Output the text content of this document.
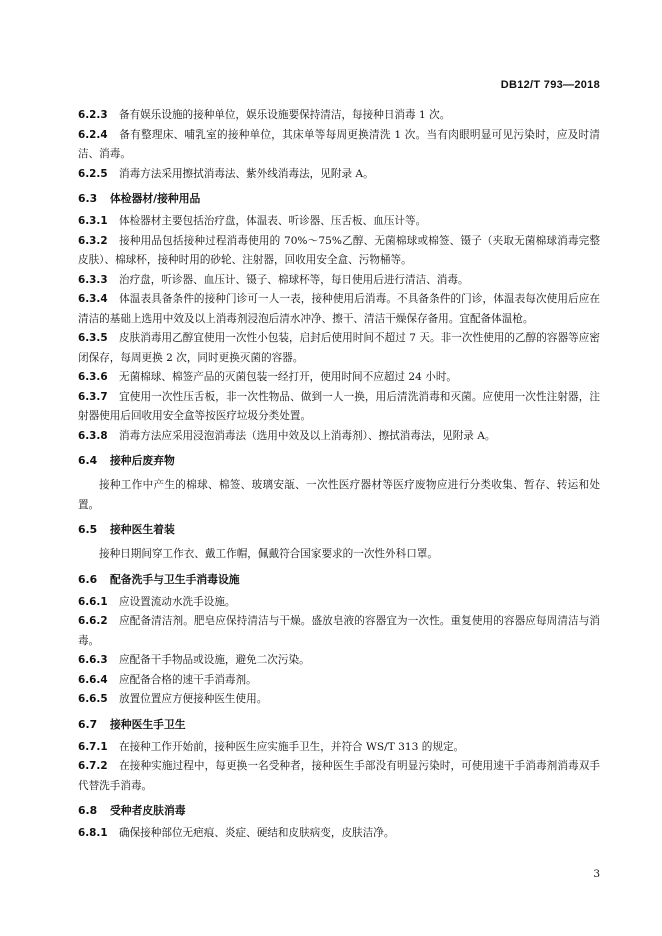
DB12/T 793—2018

6.2.3 备有娱乐设施的接种单位，娱乐设施要保持清洁，每接种日消毒 1 次。

6.2.4 备有整理床、哺乳室的接种单位，其床单等每周更换清洗 1 次。当有肉眼明显可见污染时，应及时清洁、消毒。

6.2.5 消毒方法采用擦拭消毒法、紫外线消毒法，见附录 A。

6.3 体检器材/接种用品

6.3.1 体检器材主要包括治疗盘，体温表、听诊器、压舌板、血压计等。

6.3.2 接种用品包括接种过程消毒使用的 70%～75%乙醇、无菌棉球或棉签、镊子（夹取无菌棉球消毒完整皮肤）、棉球杯，接种时用的砂轮、注射器，回收用安全盒、污物桶等。

6.3.3 治疗盘，听诊器、血压计、镊子、棉球杯等，每日使用后进行清洁、消毒。

6.3.4 体温表具备条件的接种门诊可一人一表，接种使用后消毒。不具备条件的门诊，体温表每次使用后应在清洁的基础上选用中效及以上消毒剂浸泡后清水冲净、擦干、清洁干燥保存备用。宜配备体温枪。

6.3.5 皮肤消毒用乙醇宜使用一次性小包装，启封后使用时间不超过 7 天。非一次性使用的乙醇的容器等应密闭保存，每周更换 2 次，同时更换灭菌的容器。

6.3.6 无菌棉球、棉签产品的灭菌包装一经打开，使用时间不应超过 24 小时。

6.3.7 宜使用一次性压舌板，非一次性物品、做到一人一换，用后清洗消毒和灭菌。应使用一次性注射器，注射器使用后回收用安全盒等按医疗垃圾分类处置。

6.3.8 消毒方法应采用浸泡消毒法（选用中效及以上消毒剂）、擦拭消毒法，见附录 A。

6.4 接种后废弃物

接种工作中产生的棉球、棉签、玻璃安瓿、一次性医疗器材等医疗废物应进行分类收集、暂存、转运和处置。

6.5 接种医生着装

接种日期间穿工作衣、戴工作帽，佩戴符合国家要求的一次性外科口罩。

6.6 配备洗手与卫生手消毒设施

6.6.1 应设置流动水洗手设施。

6.6.2 应配备清洁剂。肥皂应保持清洁与干燥。盛放皂液的容器宜为一次性。重复使用的容器应每周清洁与消毒。

6.6.3 应配备干手物品或设施，避免二次污染。

6.6.4 应配备合格的速干手消毒剂。

6.6.5 放置位置应方便接种医生使用。

6.7 接种医生手卫生

6.7.1 在接种工作开始前，接种医生应实施手卫生，并符合 WS/T 313 的规定。

6.7.2 在接种实施过程中，每更换一名受种者，接种医生手部没有明显污染时，可使用速干手消毒剂消毒双手代替洗手消毒。

6.8 受种者皮肤消毒

6.8.1 确保接种部位无疤痕、炎症、硬结和皮肤病变，皮肤洁净。

3
